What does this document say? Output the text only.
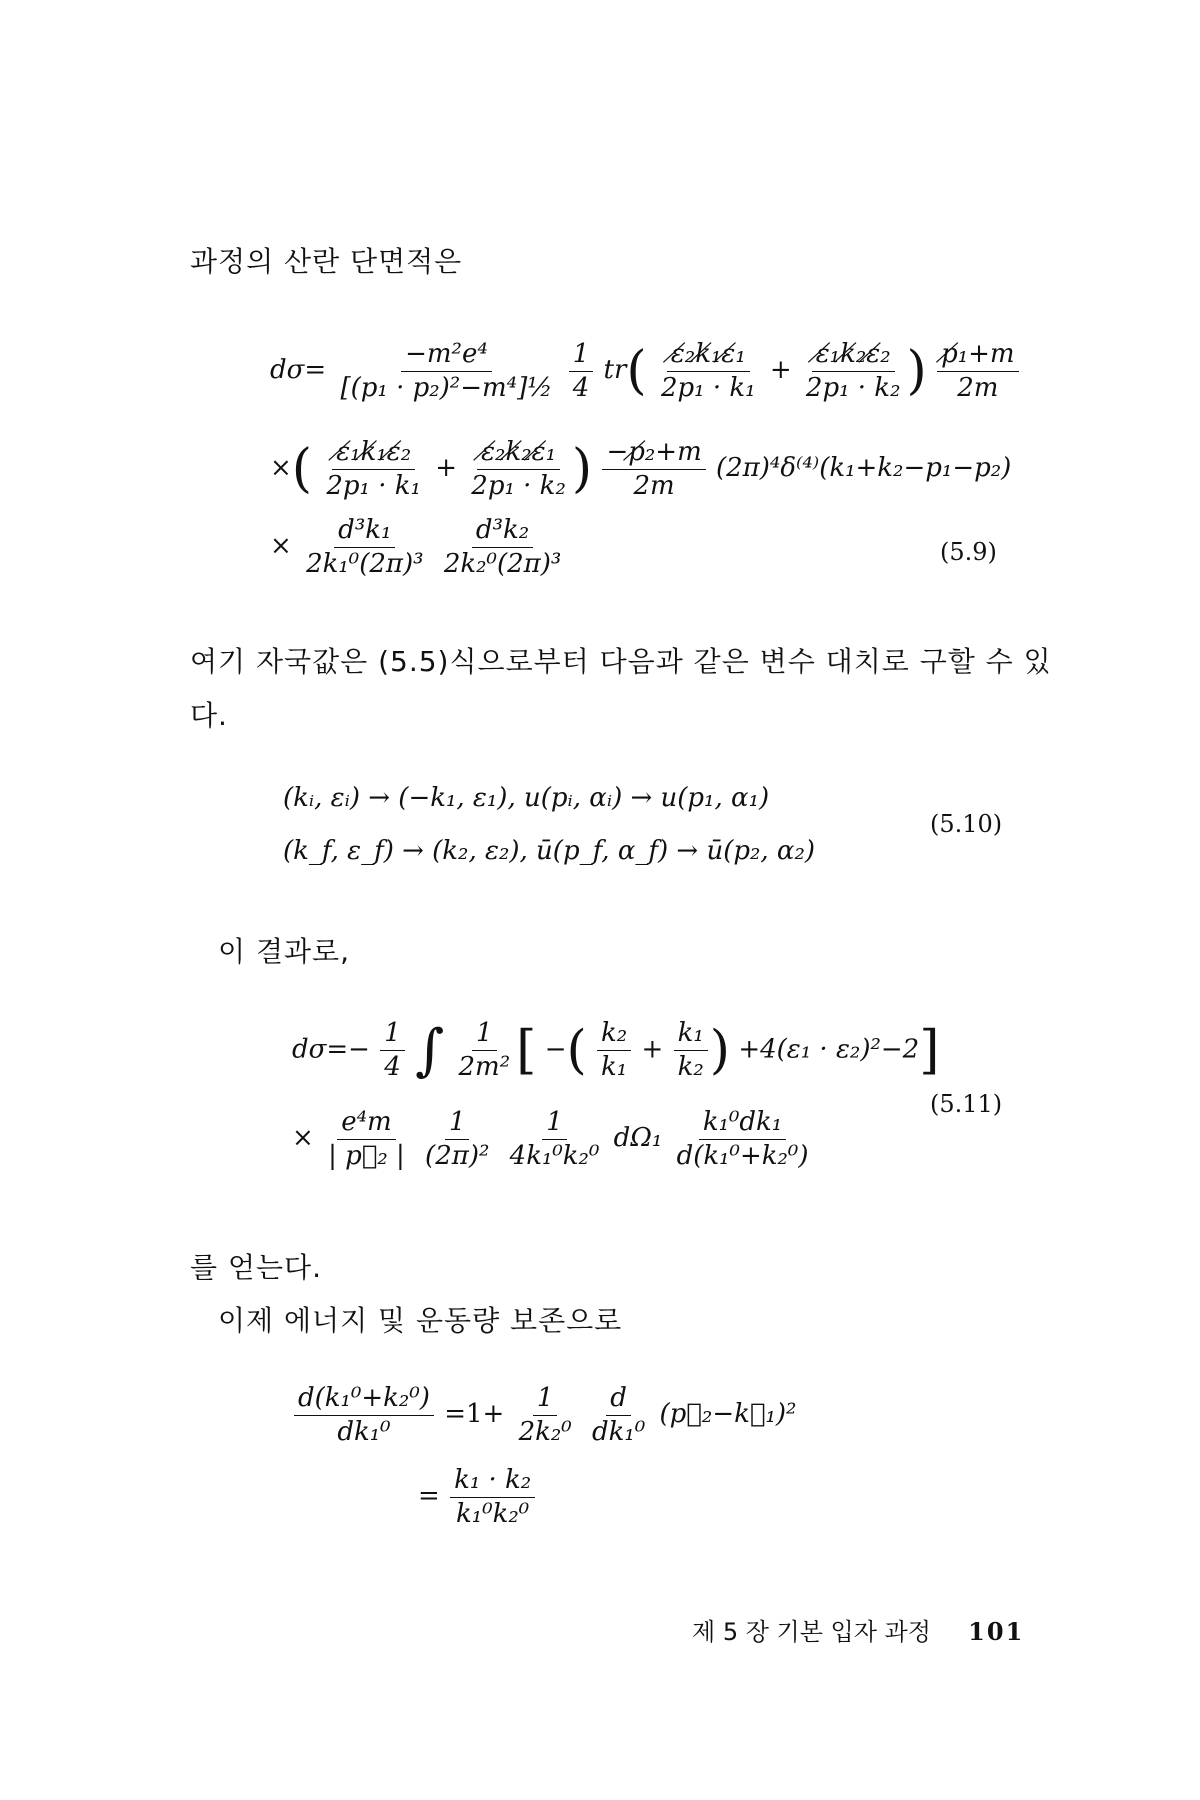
과정의 산란 단면적은
$d\sigma= \frac{\text{−m²e⁴}}{\text{[(p₁ · p₂)²−m⁴]½}}$
$\frac{1}{4} tr( \frac{\text{ε̸₂k̸₁ε̸₁}}{\text{2p₁ · k₁}} + \frac{\text{ε̸₁k̸₂ε̸₂}}{\text{2p₁ · k₂}}$ ) $\frac{\text{p̸₁+m}}{2m}$
×( $\frac{\text{ε̸₁k̸₁ε̸₂}}{\text{2p₁ · k₁}} + \frac{\text{ε̸₂k̸₂ε̸₁}}{\text{2p₁ · k₂}}$ ) $\frac{\text{−p̸₂+m}}{2m} (2\pi)^4\delta^{(4)}(k_1+k_2-p_1-p_2)$
× $\frac{\text{d³k₁}}{\text{2k₁⁰(2π)³}}$
$\frac{\text{d³k₂}}{\text{2k₂⁰(2π)³}}$	(5.9)
여기 자국값은 (5.5)식으로부터 다음과 같은 변수 대치로 구할 수 있
다.
(kᵢ, εᵢ) → (−k₁, ε₁), u(pᵢ, αᵢ) → u(p₁, α₁)
(k_f, ε_f) → (k₂, ε₂), ū(p_f, α_f) → ū(p₂, α₂)
(5.10)
이 결과로,
$d\sigma=- \frac{1}{4}$ ∫ $\frac{1}{\text{2m²}}$ [ −( $\frac{\text{k₂}}{\text{k₁}} + \frac{\text{k₁}}{\text{k₂}}$ ) +4(ε₁ · ε₂)²−2]
× $\frac{\text{e⁴m}}{\text{| p⃗₂ |}}$
$\frac{1}{\text{(2π)²}}$
$\frac{1}{\text{4k₁⁰k₂⁰}} d\Omega_1 \frac{\text{k₁⁰dk₁}}{\text{d(k₁⁰+k₂⁰)}}$
(5.11)
를 얻는다.
이제 에너지 및 운동량 보존으로
$\frac{\text{d(k₁⁰+k₂⁰)}}{\text{dk₁⁰}} =1+ \frac{1}{\text{2k₂⁰}}$
$\frac{d}{\text{dk₁⁰}}$ (p⃗₂−k⃗₁)²
= $\frac{\text{k₁ · k₂}}{\text{k₁⁰k₂⁰}}$
제 5 장 기본 입자 과정 101
